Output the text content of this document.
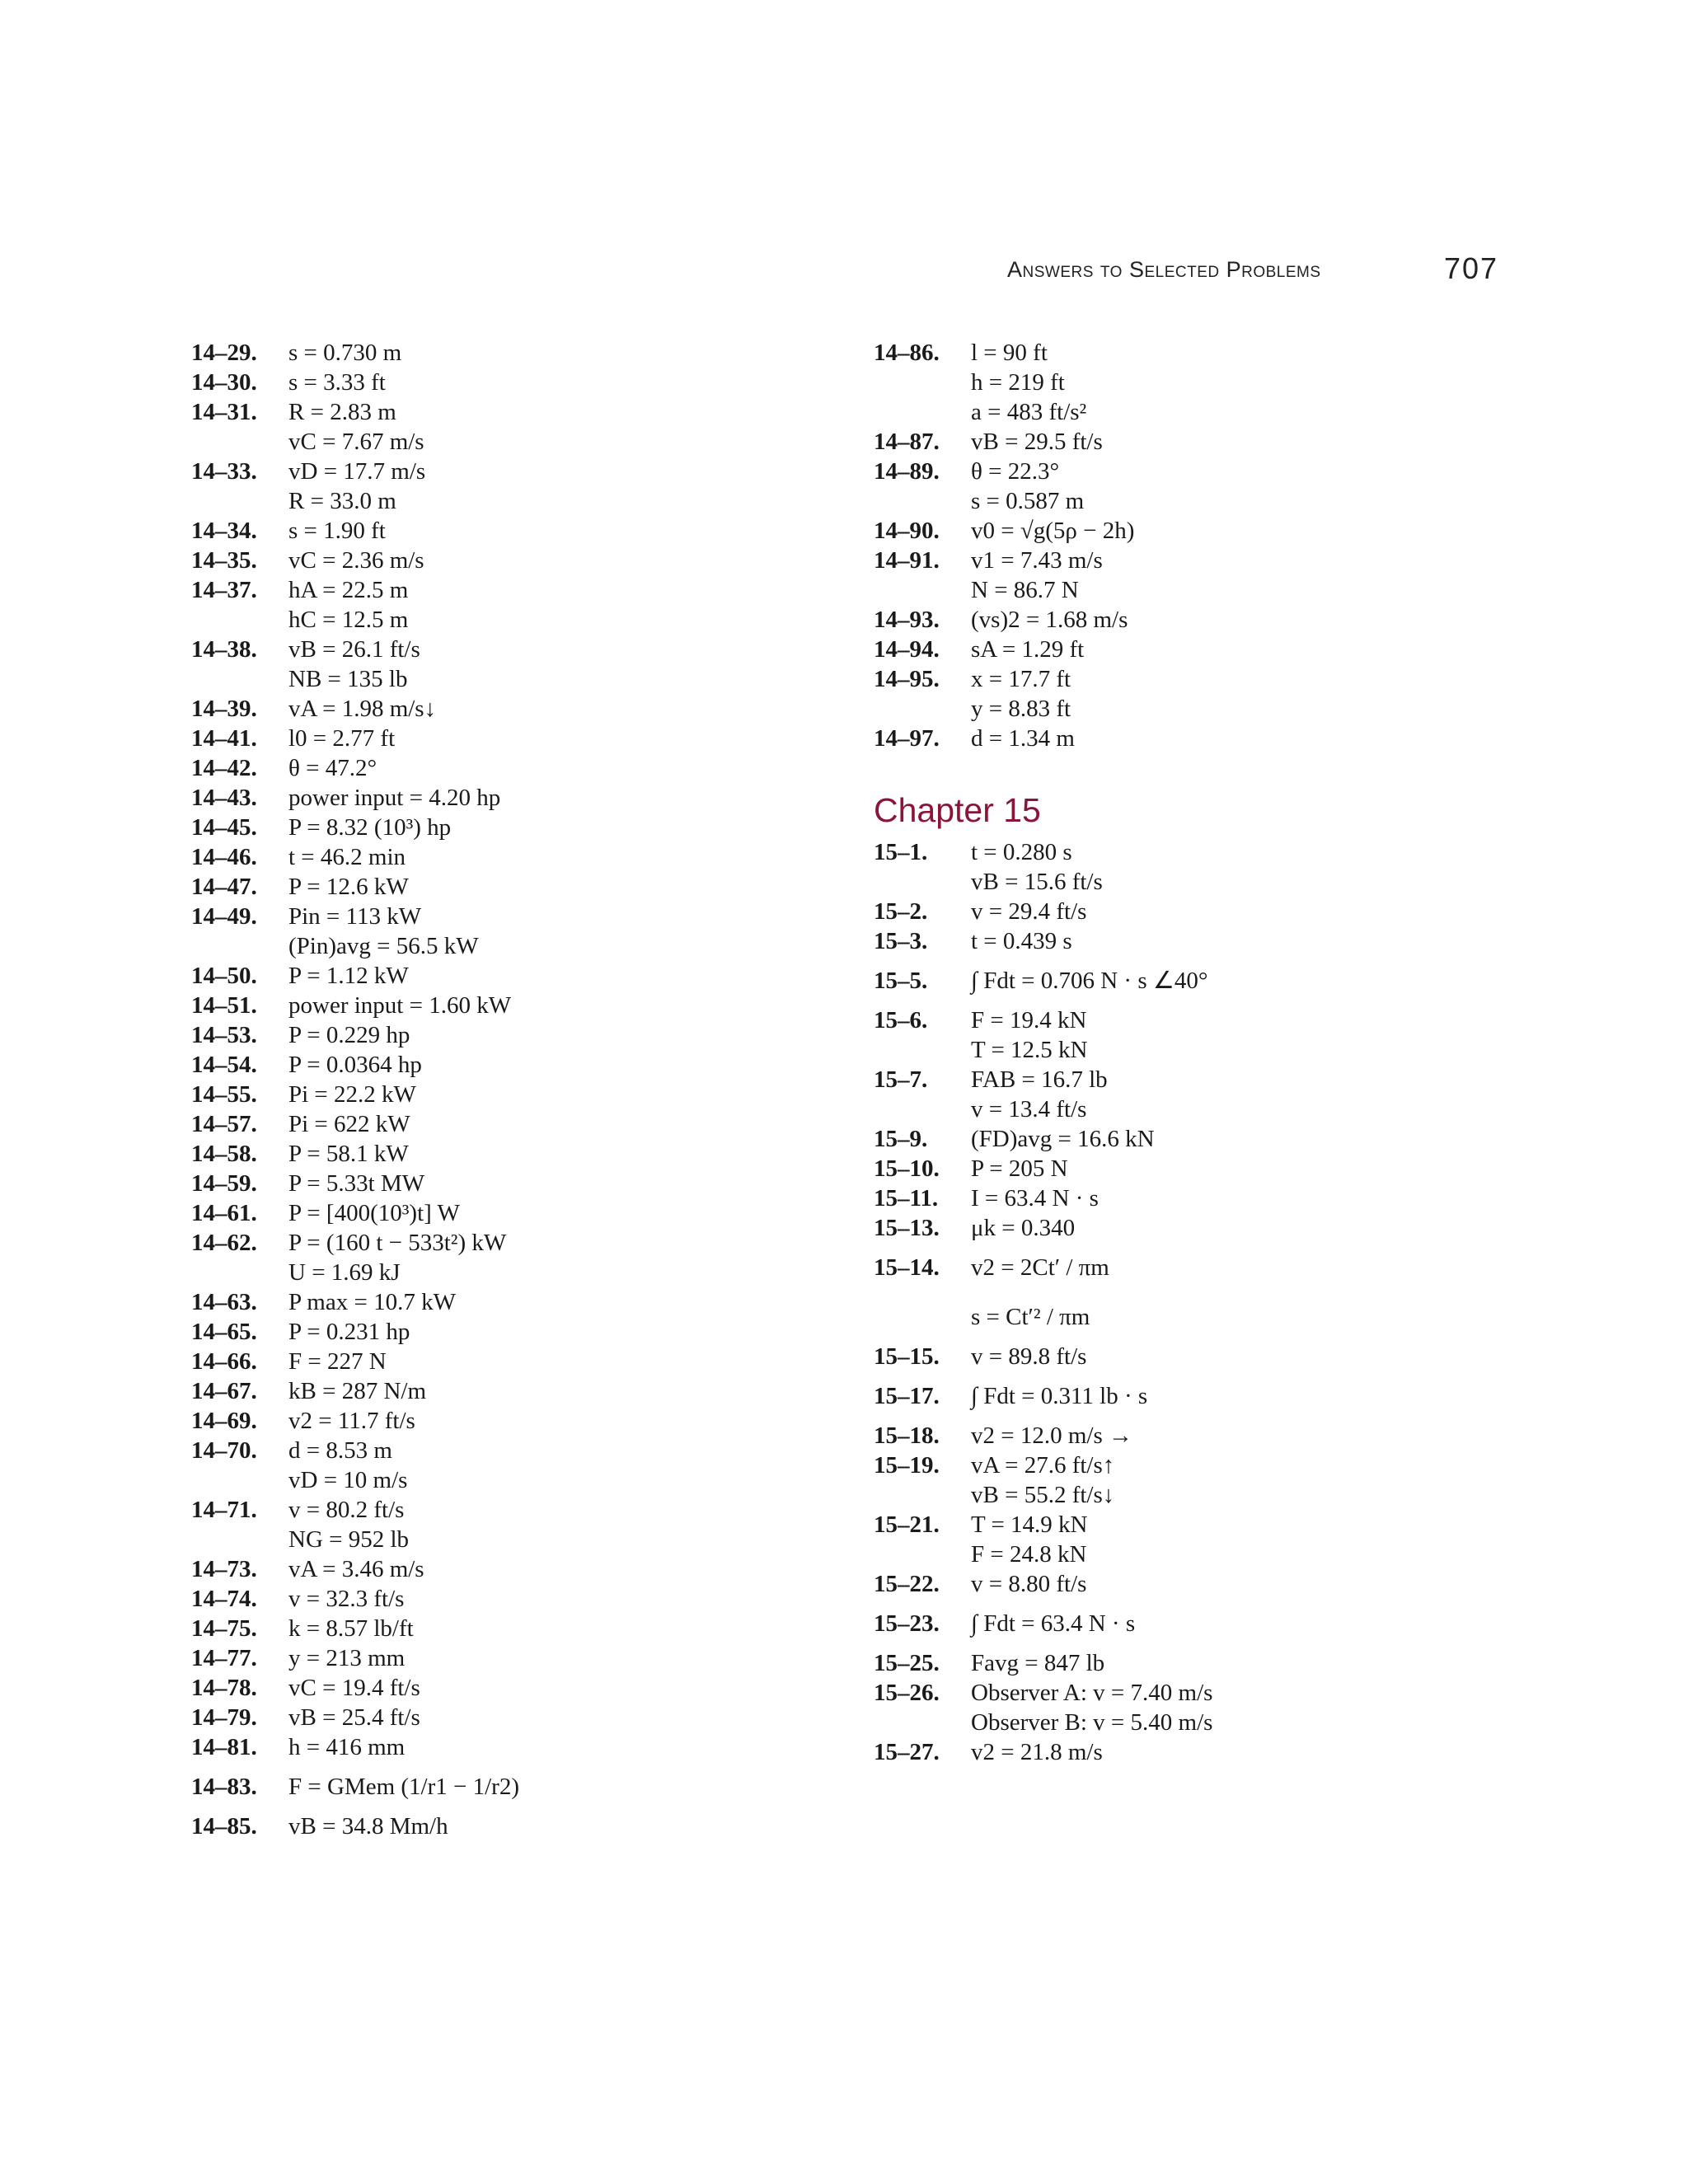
Answers to Selected Problems	707
14–29.	s = 0.730 m
14–30.	s = 3.33 ft
14–31.	R = 2.83 m
vC = 7.67 m/s
14–33.	vD = 17.7 m/s
R = 33.0 m
14–34.	s = 1.90 ft
14–35.	vC = 2.36 m/s
14–37.	hA = 22.5 m
hC = 12.5 m
14–38.	vB = 26.1 ft/s
NB = 135 lb
14–39.	vA = 1.98 m/s↓
14–41.	l0 = 2.77 ft
14–42.	θ = 47.2°
14–43.	power input = 4.20 hp
14–45.	P = 8.32 (10³) hp
14–46.	t = 46.2 min
14–47.	P = 12.6 kW
14–49.	Pin = 113 kW
(Pin)avg = 56.5 kW
14–50.	P = 1.12 kW
14–51.	power input = 1.60 kW
14–53.	P = 0.229 hp
14–54.	P = 0.0364 hp
14–55.	Pi = 22.2 kW
14–57.	Pi = 622 kW
14–58.	P = 58.1 kW
14–59.	P = 5.33t MW
14–61.	P = [400(10³)t] W
14–62.	P = (160 t − 533t²) kW
U = 1.69 kJ
14–63.	P max = 10.7 kW
14–65.	P = 0.231 hp
14–66.	F = 227 N
14–67.	kB = 287 N/m
14–69.	v2 = 11.7 ft/s
14–70.	d = 8.53 m
vD = 10 m/s
14–71.	v = 80.2 ft/s
NG = 952 lb
14–73.	vA = 3.46 m/s
14–74.	v = 32.3 ft/s
14–75.	k = 8.57 lb/ft
14–77.	y = 213 mm
14–78.	vC = 19.4 ft/s
14–79.	vB = 25.4 ft/s
14–81.	h = 416 mm
14–83.	F = GMem (1/r1 − 1/r2)
14–85.	vB = 34.8 Mm/h
14–86.	l = 90 ft
h = 219 ft
a = 483 ft/s²
14–87.	vB = 29.5 ft/s
14–89.	θ = 22.3°
s = 0.587 m
14–90.	v0 = √g(5ρ − 2h)
14–91.	v1 = 7.43 m/s
N = 86.7 N
14–93.	(vs)2 = 1.68 m/s
14–94.	sA = 1.29 ft
14–95.	x = 17.7 ft
y = 8.83 ft
14–97.	d = 1.34 m
Chapter 15
15–1.	t = 0.280 s
vB = 15.6 ft/s
15–2.	v = 29.4 ft/s
15–3.	t = 0.439 s
15–5.	∫ Fdt = 0.706 N · s ∠40°
15–6.	F = 19.4 kN
T = 12.5 kN
15–7.	FAB = 16.7 lb
v = 13.4 ft/s
15–9.	(FD)avg = 16.6 kN
15–10.	P = 205 N
15–11.	I = 63.4 N · s
15–13.	μk = 0.340
15–14.	v2 = 2Ct′ / πm
s = Ct′² / πm
15–15.	v = 89.8 ft/s
15–17.	∫ Fdt = 0.311 lb · s
15–18.	v2 = 12.0 m/s →
15–19.	vA = 27.6 ft/s↑
vB = 55.2 ft/s↓
15–21.	T = 14.9 kN
F = 24.8 kN
15–22.	v = 8.80 ft/s
15–23.	∫ Fdt = 63.4 N · s
15–25.	Favg = 847 lb
15–26.	Observer A: v = 7.40 m/s
Observer B: v = 5.40 m/s
15–27.	v2 = 21.8 m/s
